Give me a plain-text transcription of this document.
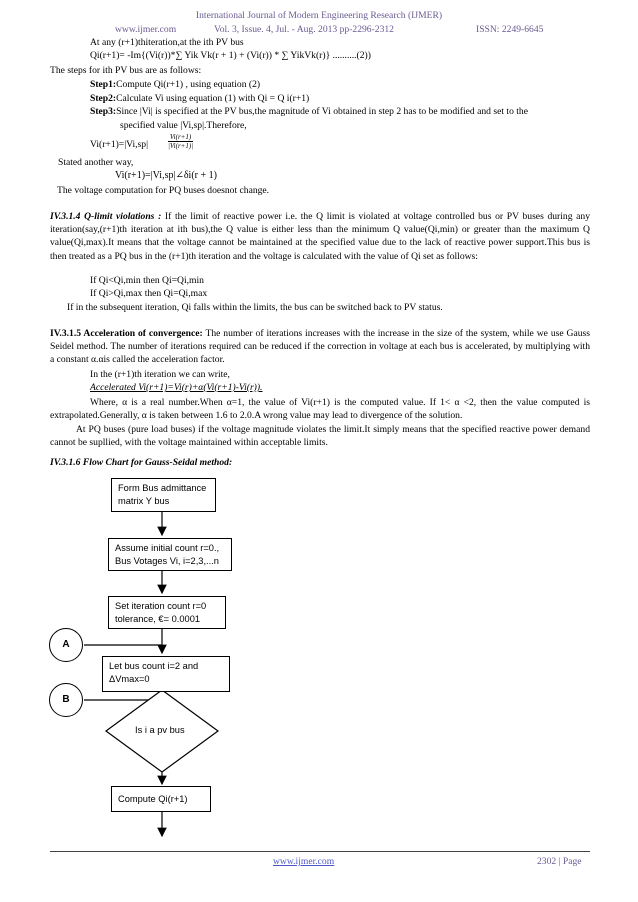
International Journal of Modern Engineering Research (IJMER)
www.ijmer.com	Vol. 3, Issue. 4, Jul. - Aug. 2013 pp-2296-2312	ISSN: 2249-6645
At any (r+1)thiteration,at the ith PV bus
Qi(r+1)= -Im{(Vi(r))*∑ Yik Vk(r + 1) + (Vi(r)) * ∑ YikVk(r)} ..........(2))
The steps for ith PV bus are as follows:
Step1:Compute Qi(r+1) , using equation (2)
Step2:Calculate Vi using equation (1) with Qi = Q i(r+1)
Step3:Since |Vi| is specified at the PV bus,the magnitude of Vi obtained in step 2 has to be modified and set to the
specified value |Vi,sp|.Therefore,
Vi(r+1)=|Vi,sp|	$\frac{Vi(r+1)}{|Vi(r+1)|}$
Stated another way,
Vi(r+1)=|Vi,sp|∠δi(r + 1)
The voltage computation for PQ buses doesnot change.

IV.3.1.4 Q-limit violations : If the limit of reactive power i.e. the Q limit is violated at voltage controlled bus or PV buses during any iteration(say,(r+1)th iteration at ith bus),the Q value is either less than the minimum Q value(Qi,min) or greater than the maximum Q value(Qi,max).It means that the voltage cannot be maintained at the specified value due to the lack of reactive power support.This bus is then treated as a PQ bus in the (r+1)th iteration and the voltage is calculated with the value of Qi set as follows:

If Qi<Qi,min then Qi=Qi,min
If Qi>Qi,max then Qi=Qi,max
If in the subsequent iteration, Qi falls within the limits, the bus can be switched back to PV status.

IV.3.1.5 Acceleration of convergence: The number of iterations increases with the increase in the size of the system, while we use Gauss Seidel method. The number of iterations required can be reduced if the correction in voltage at each bus is accelerated, by multiplying with a constant α.αis called the acceleration factor.

In the (r+1)th iteration we can write,
Accelerated Vi(r+1)=Vi(r)+α(Vi(r+1)-Vi(r)).

Where, α is a real number.When α=1, the value of Vi(r+1) is the computed value. If 1< α <2, then the value computed is extrapolated.Generally, α is taken between 1.6 to 2.0.A wrong value may lead to divergence of the solution.

At PQ buses (pure load buses) if the voltage magnitude violates the limit.It simply means that the specified reactive power demand cannot be supllied, with the voltage maintained within acceptable limits.

IV.3.1.6 Flow Chart for Gauss-Seidal method:
Form Bus admittance
matrix Y bus
Assume initial count r=0.,
Bus Votages Vi, i=2,3,...n
Set iteration count r=0
tolerance, €= 0.0001
A
Let bus count i=2 and
ΔVmax=0
B
Is i a pv bus
Compute Qi(r+1)
www.ijmer.com	2302 | Page
